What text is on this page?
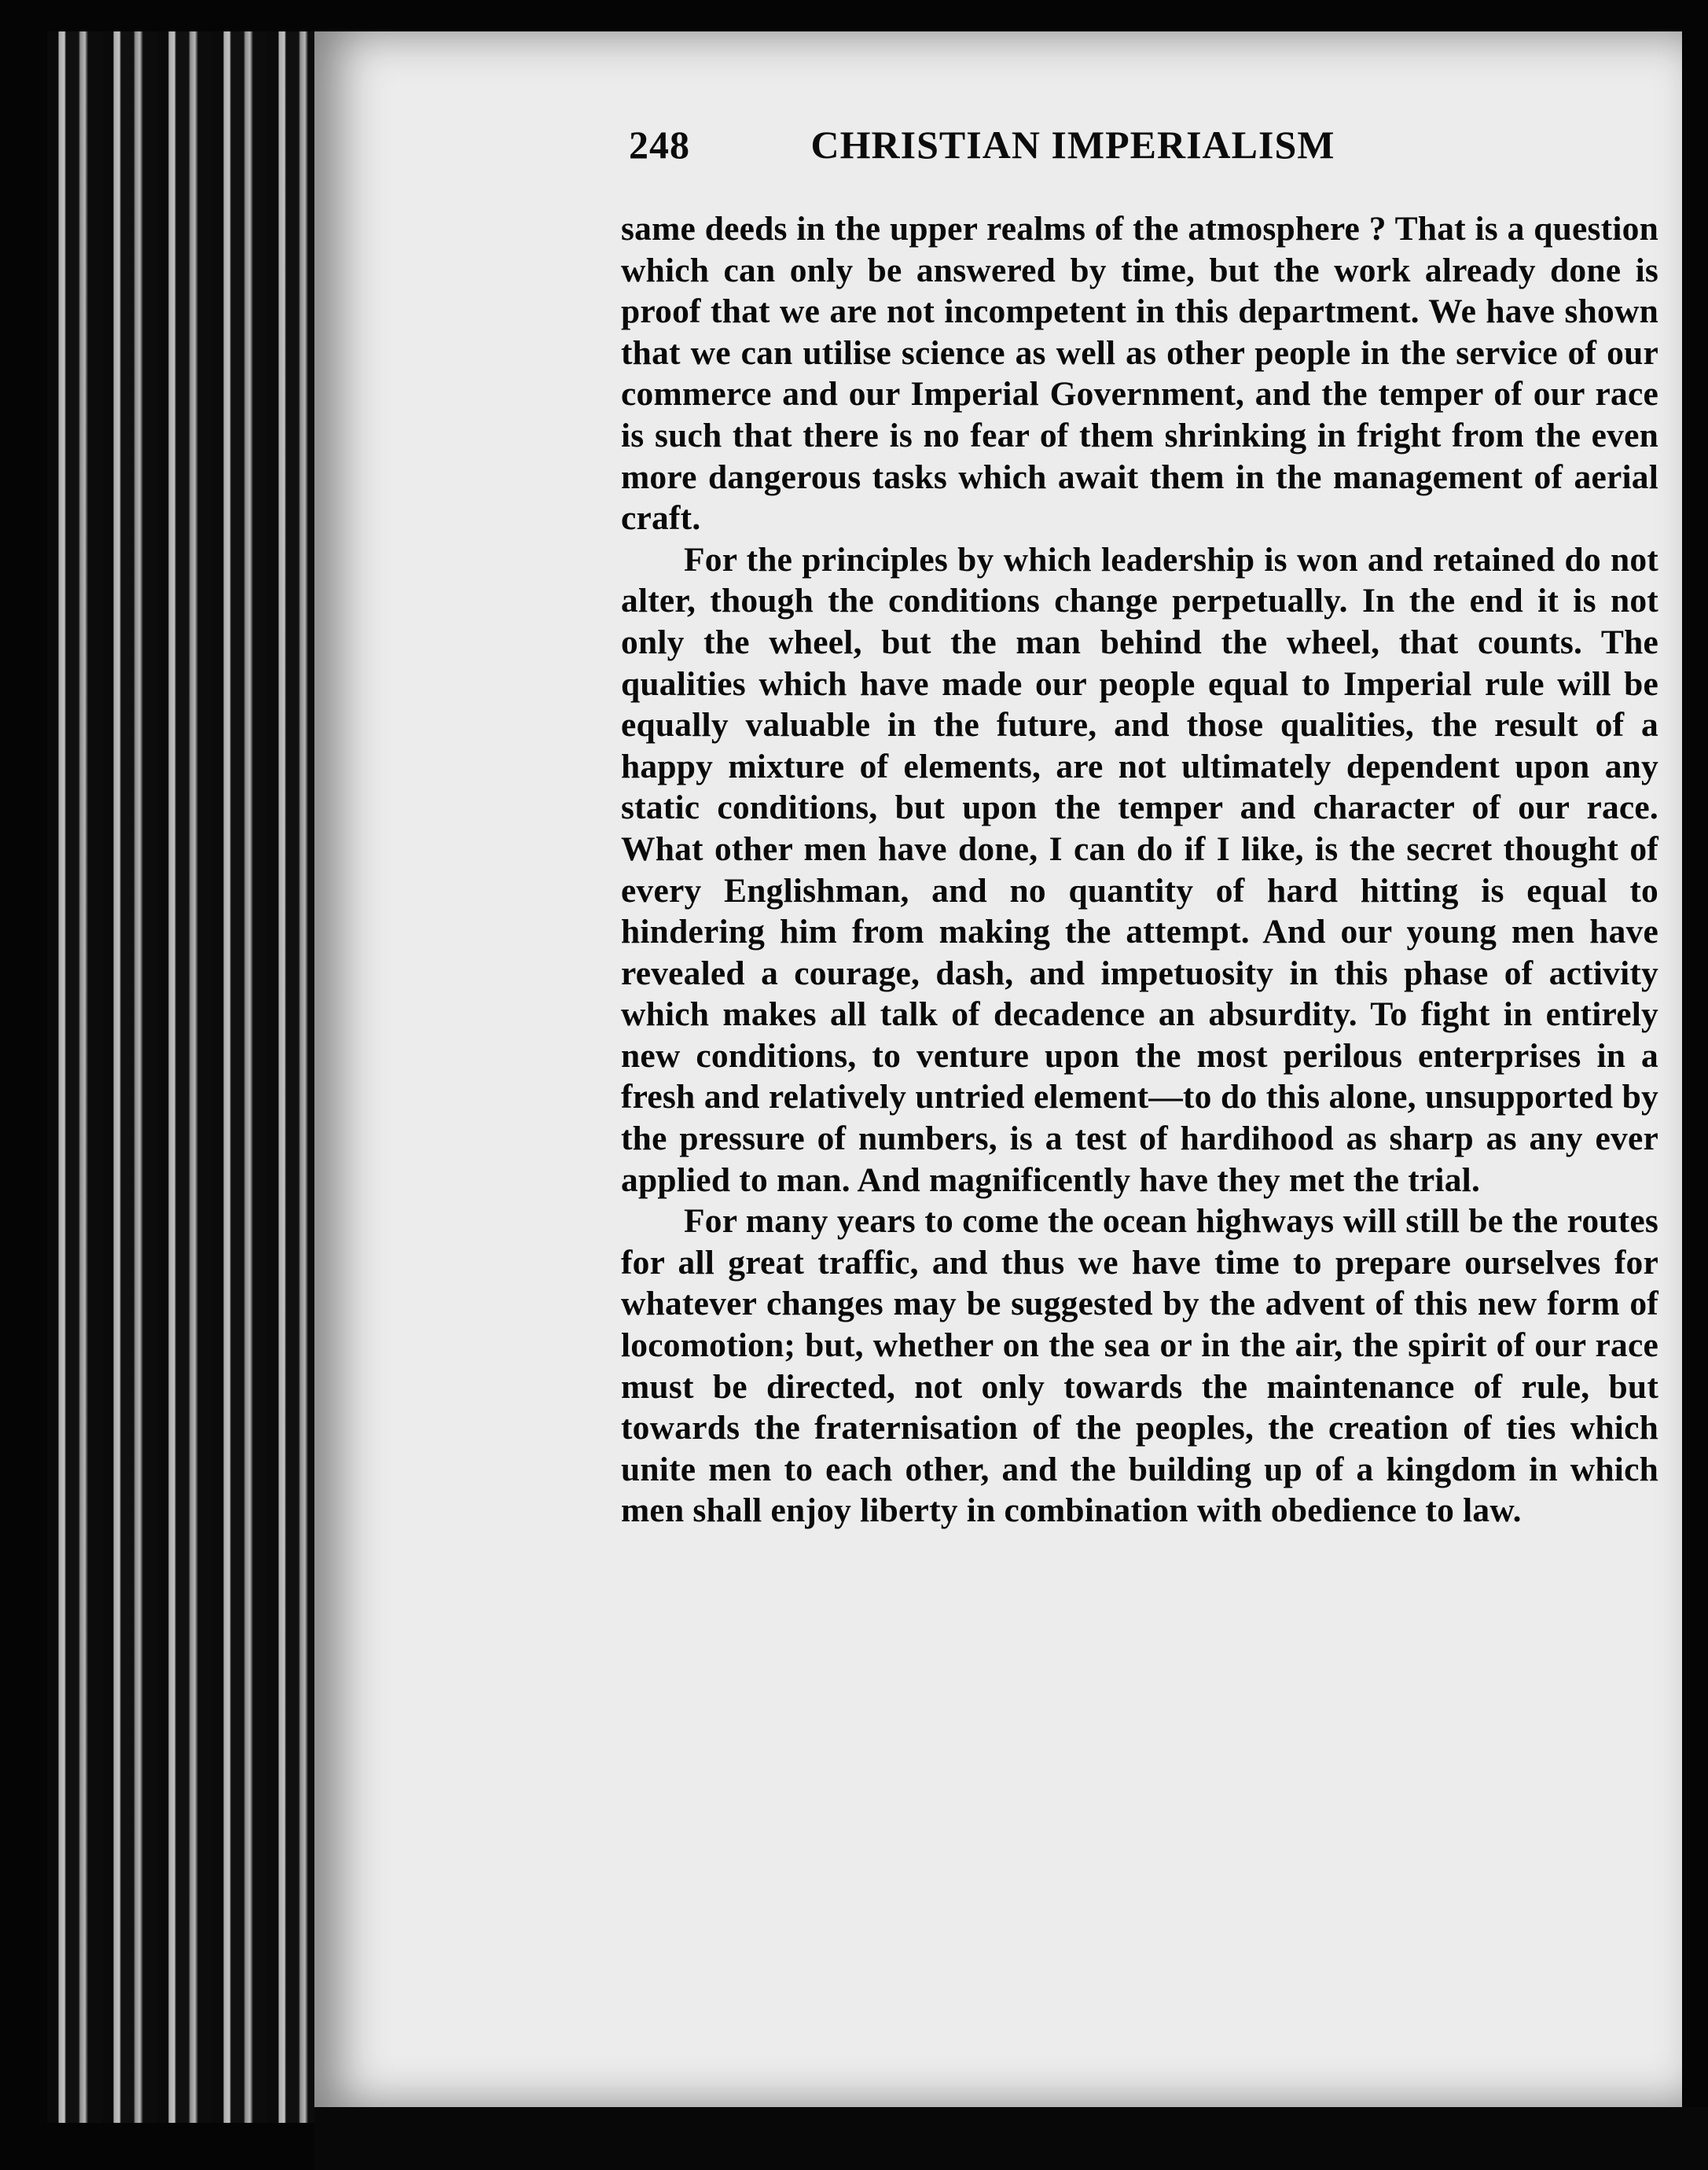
248	CHRISTIAN IMPERIALISM

same deeds in the upper realms of the atmosphere ? That is a question which can only be answered by time, but the work already done is proof that we are not incompetent in this department. We have shown that we can utilise science as well as other people in the service of our commerce and our Imperial Government, and the temper of our race is such that there is no fear of them shrinking in fright from the even more dangerous tasks which await them in the management of aerial craft.

For the principles by which leadership is won and retained do not alter, though the conditions change perpetually. In the end it is not only the wheel, but the man behind the wheel, that counts. The qualities which have made our people equal to Imperial rule will be equally valuable in the future, and those qualities, the result of a happy mixture of elements, are not ultimately dependent upon any static conditions, but upon the temper and character of our race. What other men have done, I can do if I like, is the secret thought of every Englishman, and no quantity of hard hitting is equal to hindering him from making the attempt. And our young men have revealed a courage, dash, and impetuosity in this phase of activity which makes all talk of decadence an absurdity. To fight in entirely new conditions, to venture upon the most perilous enterprises in a fresh and relatively untried element—to do this alone, unsupported by the pressure of numbers, is a test of hardihood as sharp as any ever applied to man. And magnificently have they met the trial.

For many years to come the ocean highways will still be the routes for all great traffic, and thus we have time to prepare ourselves for whatever changes may be suggested by the advent of this new form of locomotion; but, whether on the sea or in the air, the spirit of our race must be directed, not only towards the maintenance of rule, but towards the fraternisation of the peoples, the creation of ties which unite men to each other, and the building up of a kingdom in which men shall enjoy liberty in combination with obedience to law.
